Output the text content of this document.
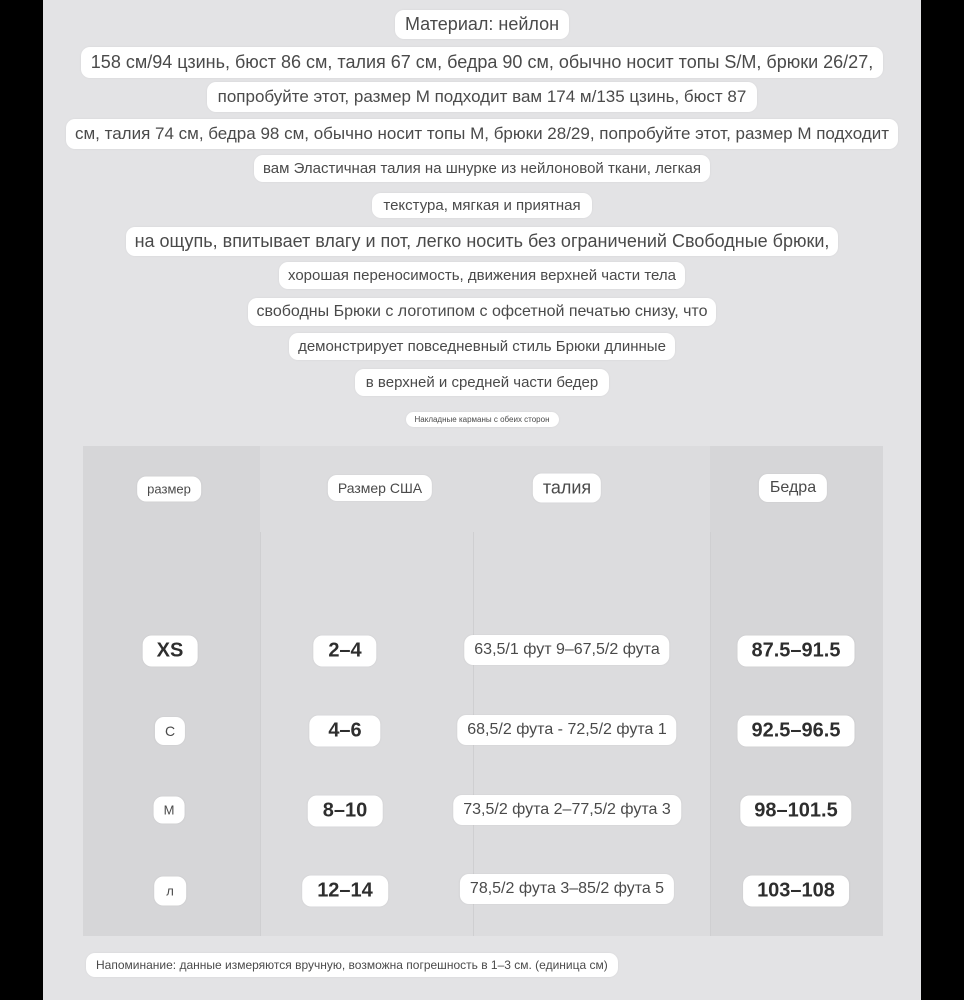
Материал: нейлон
158 см/94 цзинь, бюст 86 см, талия 67 см, бедра 90 см, обычно носит топы S/M, брюки 26/27,
попробуйте этот, размер M подходит вам 174 м/135 цзинь, бюст 87
см, талия 74 см, бедра 98 см, обычно носит топы M, брюки 28/29, попробуйте этот, размер M подходит
вам Эластичная талия на шнурке из нейлоновой ткани, легкая
текстура, мягкая и приятная
на ощупь, впитывает влагу и пот, легко носить без ограничений Свободные брюки,
хорошая переносимость, движения верхней части тела
свободны Брюки с логотипом с офсетной печатью снизу, что
демонстрирует повседневный стиль Брюки длинные
в верхней и средней части бедер
Накладные карманы с обеих сторон
размер	Размер США	талия	Бедра
XS	2–4	63,5/1 фут 9–67,5/2 фута	87.5–91.5
С	4–6	68,5/2 фута - 72,5/2 фута 1	92.5–96.5
М	8–10	73,5/2 фута 2–77,5/2 фута 3	98–101.5
л	12–14	78,5/2 фута 3–85/2 фута 5	103–108
Напоминание: данные измеряются вручную, возможна погрешность в 1–3 см. (единица см)
